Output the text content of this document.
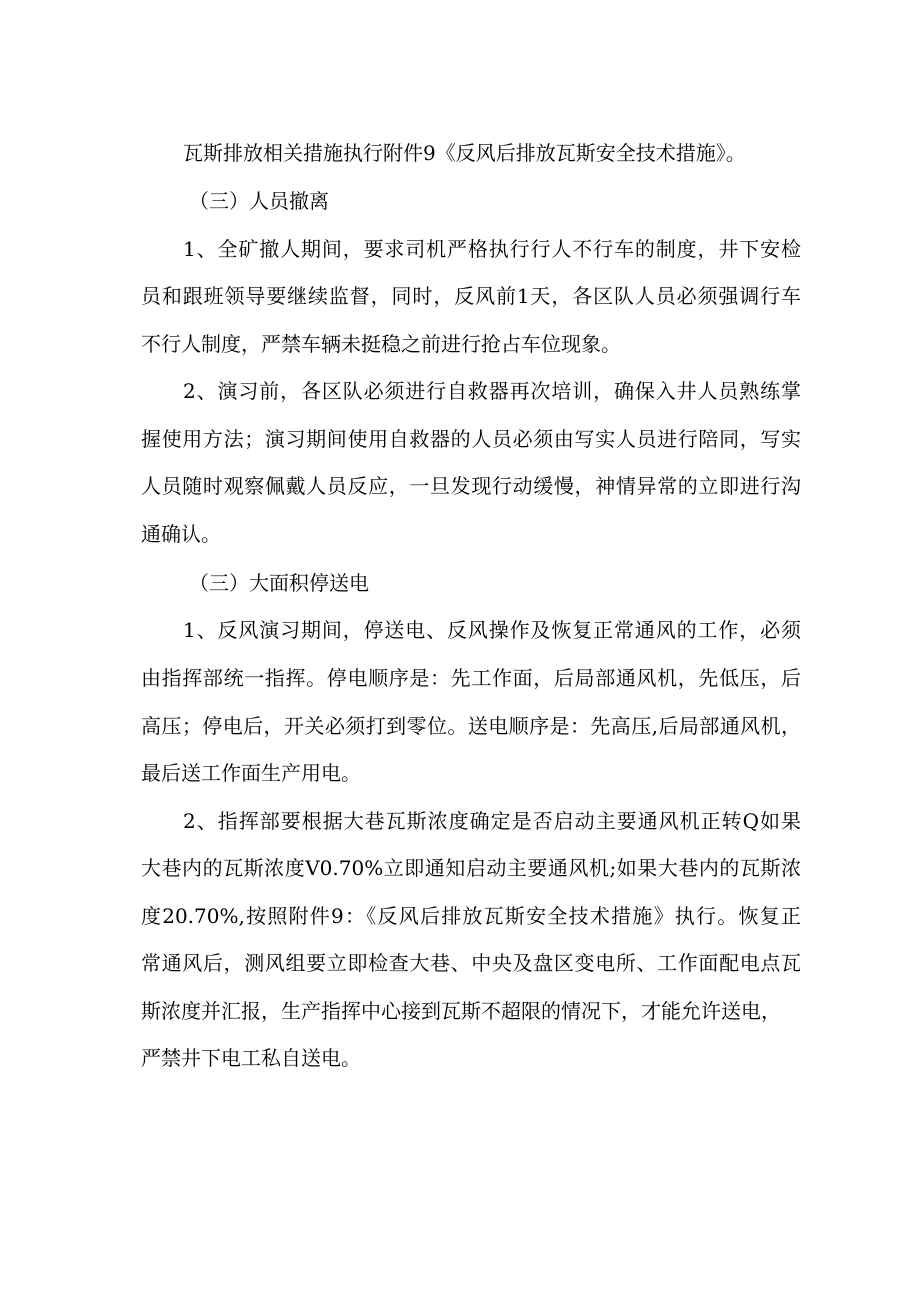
瓦斯排放相关措施执行附件9《反风后排放瓦斯安全技术措施》。
（三）人员撤离
1、全矿撤人期间，要求司机严格执行行人不行车的制度，井下安检
员和跟班领导要继续监督，同时，反风前1天，各区队人员必须强调行车
不行人制度，严禁车辆未挺稳之前进行抢占车位现象。
2、演习前，各区队必须进行自救器再次培训，确保入井人员熟练掌
握使用方法；演习期间使用自救器的人员必须由写实人员进行陪同，写实
人员随时观察佩戴人员反应，一旦发现行动缓慢，神情异常的立即进行沟
通确认。
（三）大面积停送电
1、反风演习期间，停送电、反风操作及恢复正常通风的工作，必须
由指挥部统一指挥。停电顺序是：先工作面，后局部通风机，先低压，后
高压；停电后，开关必须打到零位。送电顺序是：先高压,后局部通风机，
最后送工作面生产用电。
2、指挥部要根据大巷瓦斯浓度确定是否启动主要通风机正转Q如果
大巷内的瓦斯浓度V0.70%立即通知启动主要通风机;如果大巷内的瓦斯浓
度20.70%,按照附件9：《反风后排放瓦斯安全技术措施》执行。恢复正
常通风后，测风组要立即检查大巷、中央及盘区变电所、工作面配电点瓦
斯浓度并汇报，生产指挥中心接到瓦斯不超限的情况下，才能允许送电，
严禁井下电工私自送电。
